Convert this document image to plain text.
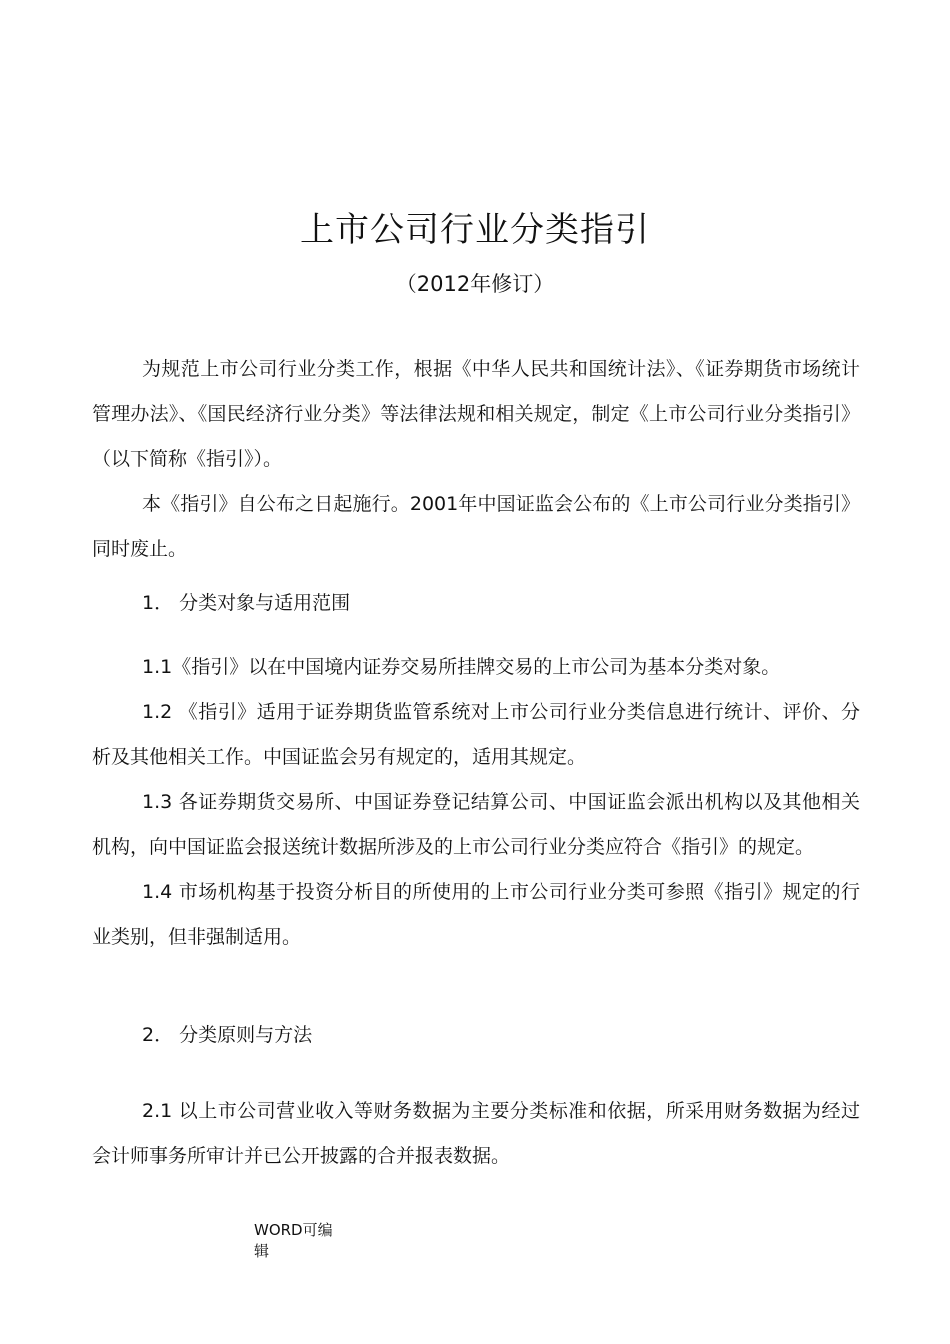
上市公司行业分类指引
（2012年修订）

为规范上市公司行业分类工作，根据《中华人民共和国统计法》、《证券期货市场统计管理办法》、《国民经济行业分类》等法律法规和相关规定，制定《上市公司行业分类指引》（以下简称《指引》）。

本《指引》自公布之日起施行。2001年中国证监会公布的《上市公司行业分类指引》同时废止。

1． 分类对象与适用范围

1.1《指引》以在中国境内证券交易所挂牌交易的上市公司为基本分类对象。

1.2 《指引》适用于证券期货监管系统对上市公司行业分类信息进行统计、评价、分析及其他相关工作。中国证监会另有规定的，适用其规定。

1.3 各证券期货交易所、中国证券登记结算公司、中国证监会派出机构以及其他相关机构，向中国证监会报送统计数据所涉及的上市公司行业分类应符合《指引》的规定。

1.4 市场机构基于投资分析目的所使用的上市公司行业分类可参照《指引》规定的行业类别，但非强制适用。

2． 分类原则与方法

2.1 以上市公司营业收入等财务数据为主要分类标准和依据，所采用财务数据为经过会计师事务所审计并已公开披露的合并报表数据。

WORD可编辑
